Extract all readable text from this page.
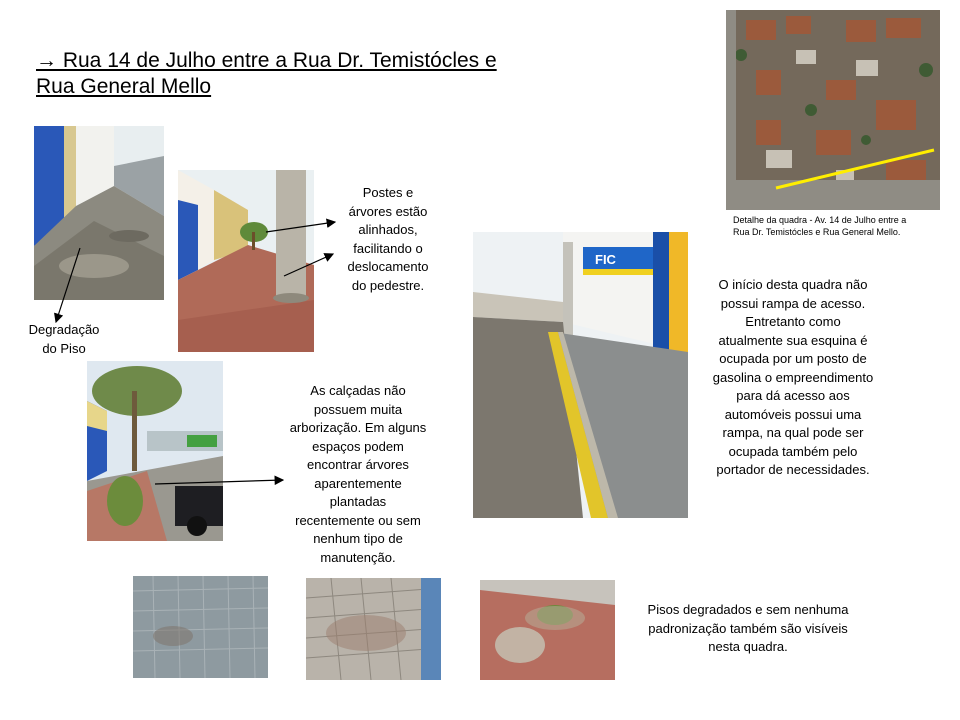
→ Rua 14 de Julho entre a Rua Dr. Temistócles e
Rua General Mello
Detalhe da quadra - Av. 14 de Julho entre a
Rua Dr. Temistócles e Rua General Mello.
FIC
Degradação
do Piso
Postes e
árvores estão
alinhados,
facilitando o
deslocamento
do pedestre.
As calçadas não
possuem muita
arborização. Em alguns
espaços podem
encontrar árvores
aparentemente
plantadas
recentemente ou sem
nenhum tipo de
manutenção.
O início desta quadra não
possui rampa de acesso.
Entretanto como
atualmente sua esquina é
ocupada por um posto de
gasolina o empreendimento
para dá acesso aos
automóveis possui uma
rampa, na qual pode ser
ocupada também pelo
portador de necessidades.
Pisos degradados e sem nenhuma
padronização também são visíveis
nesta quadra.
